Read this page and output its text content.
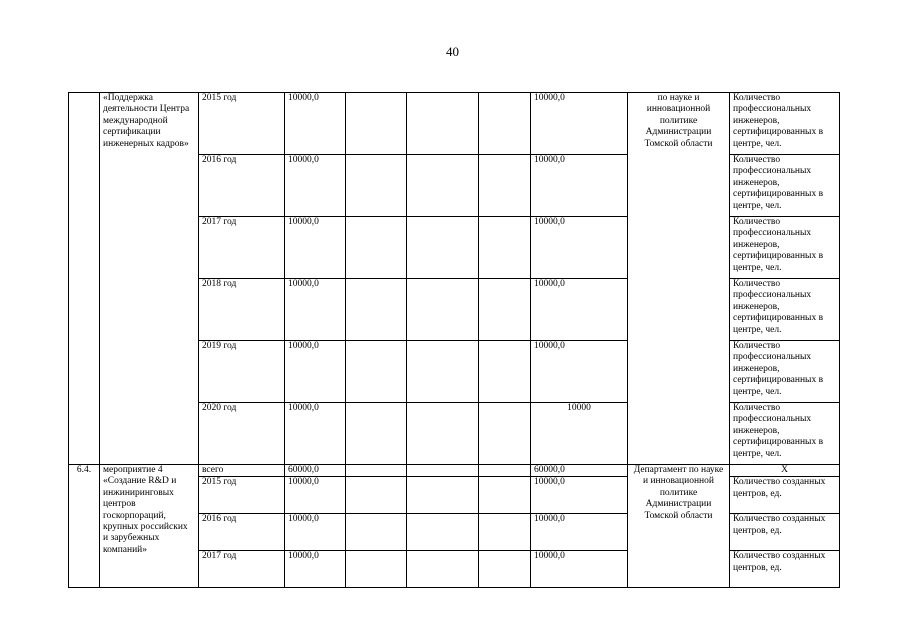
40
	«Поддержка деятельности Центра международной сертификации инженерных кадров»	2015 год	10000,0				10000,0	по науке и инновационной политике Администрации Томской области	Количество профессиональных инженеров, сертифицированных в центре, чел.	
		2016 год	10000,0				10000,0		Количество профессиональных инженеров, сертифицированных в центре, чел.	
		2017 год	10000,0				10000,0		Количество профессиональных инженеров, сертифицированных в центре, чел.	
		2018 год	10000,0				10000,0		Количество профессиональных инженеров, сертифицированных в центре, чел.	
		2019 год	10000,0				10000,0		Количество профессиональных инженеров, сертифицированных в центре, чел.	
		2020 год	10000,0				10000		Количество профессиональных инженеров, сертифицированных в центре, чел.	
6.4.	мероприятие 4 «Создание R&D и инжиниринговых центров госкорпораций, крупных российских и зарубежных компаний»	всего	60000,0				60000,0	Департамент по науке и инновационной политике Администрации Томской области	X	
		2015 год	10000,0				10000,0		Количество созданных центров, ед.	
		2016 год	10000,0				10000,0		Количество созданных центров, ед.	
		2017 год	10000,0				10000,0		Количество созданных центров, ед.	
